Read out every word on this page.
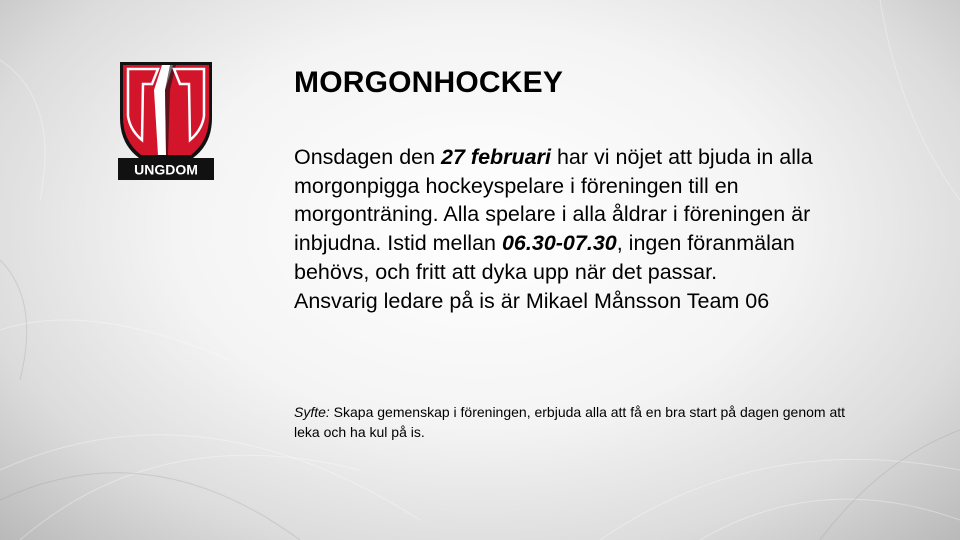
UNGDOM
MORGONHOCKEY

Onsdagen den 27 februari har vi nöjet att bjuda in alla morgonpigga hockeyspelare i föreningen till en morgonträning. Alla spelare i alla åldrar i föreningen är inbjudna. Istid mellan 06.30-07.30, ingen föranmälan behövs, och fritt att dyka upp när det passar.

Ansvarig ledare på is är Mikael Månsson Team 06

Syfte: Skapa gemenskap i föreningen, erbjuda alla att få en bra start på dagen genom att leka och ha kul på is.
